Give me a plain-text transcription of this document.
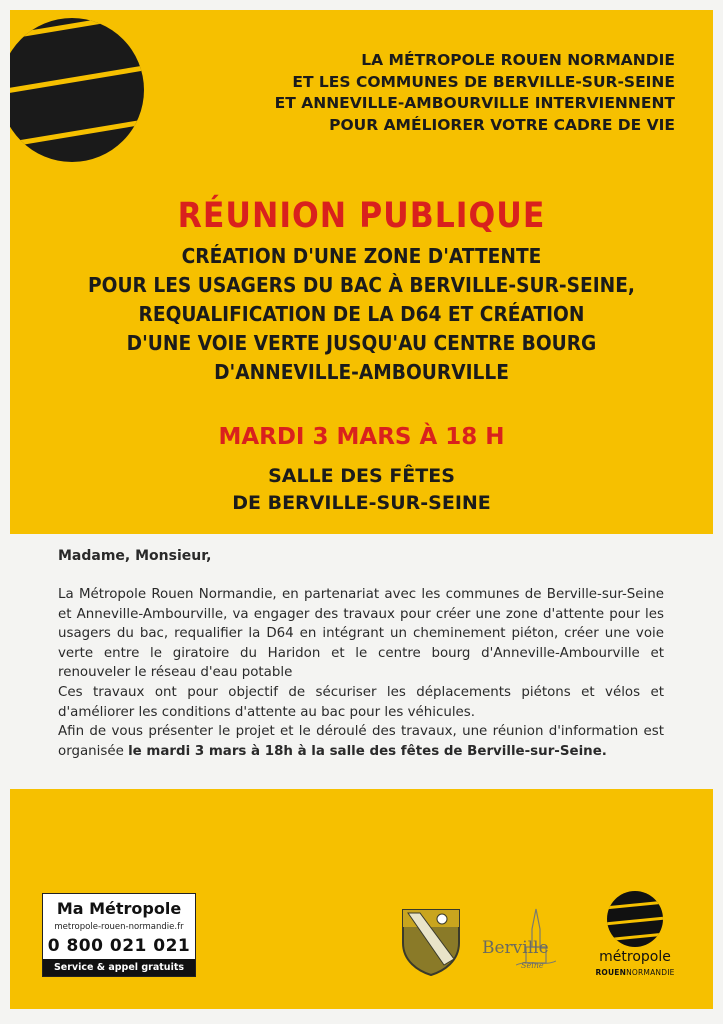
LA MÉTROPOLE ROUEN NORMANDIE
ET LES COMMUNES DE BERVILLE-SUR-SEINE
ET ANNEVILLE-AMBOURVILLE INTERVIENNENT
POUR AMÉLIORER VOTRE CADRE DE VIE
RÉUNION PUBLIQUE
CRÉATION D'UNE ZONE D'ATTENTE
POUR LES USAGERS DU BAC À BERVILLE-SUR-SEINE,
REQUALIFICATION DE LA D64 ET CRÉATION
D'UNE VOIE VERTE JUSQU'AU CENTRE BOURG
D'ANNEVILLE-AMBOURVILLE
MARDI 3 MARS À 18 H
SALLE DES FÊTES
DE BERVILLE-SUR-SEINE

Madame, Monsieur,

La Métropole Rouen Normandie, en partenariat avec les communes de Berville-sur-Seine et Anneville-Ambourville, va engager des travaux pour créer une zone d'attente pour les usagers du bac, requalifier la D64 en intégrant un cheminement piéton, créer une voie verte entre le giratoire du Haridon et le centre bourg d'Anneville-Ambourville et renouveler le réseau d'eau potable

Ces travaux ont pour objectif de sécuriser les déplacements piétons et vélos et d'améliorer les conditions d'attente au bac pour les véhicules.

Afin de vous présenter le projet et le déroulé des travaux, une réunion d'information est organisée le mardi 3 mars à 18h à la salle des fêtes de Berville-sur-Seine.

Ma Métropole
metropole-rouen-normandie.fr
0 800 021 021
Service & appel gratuits
Berville
Seine
métropole
ROUENNORMANDIE
